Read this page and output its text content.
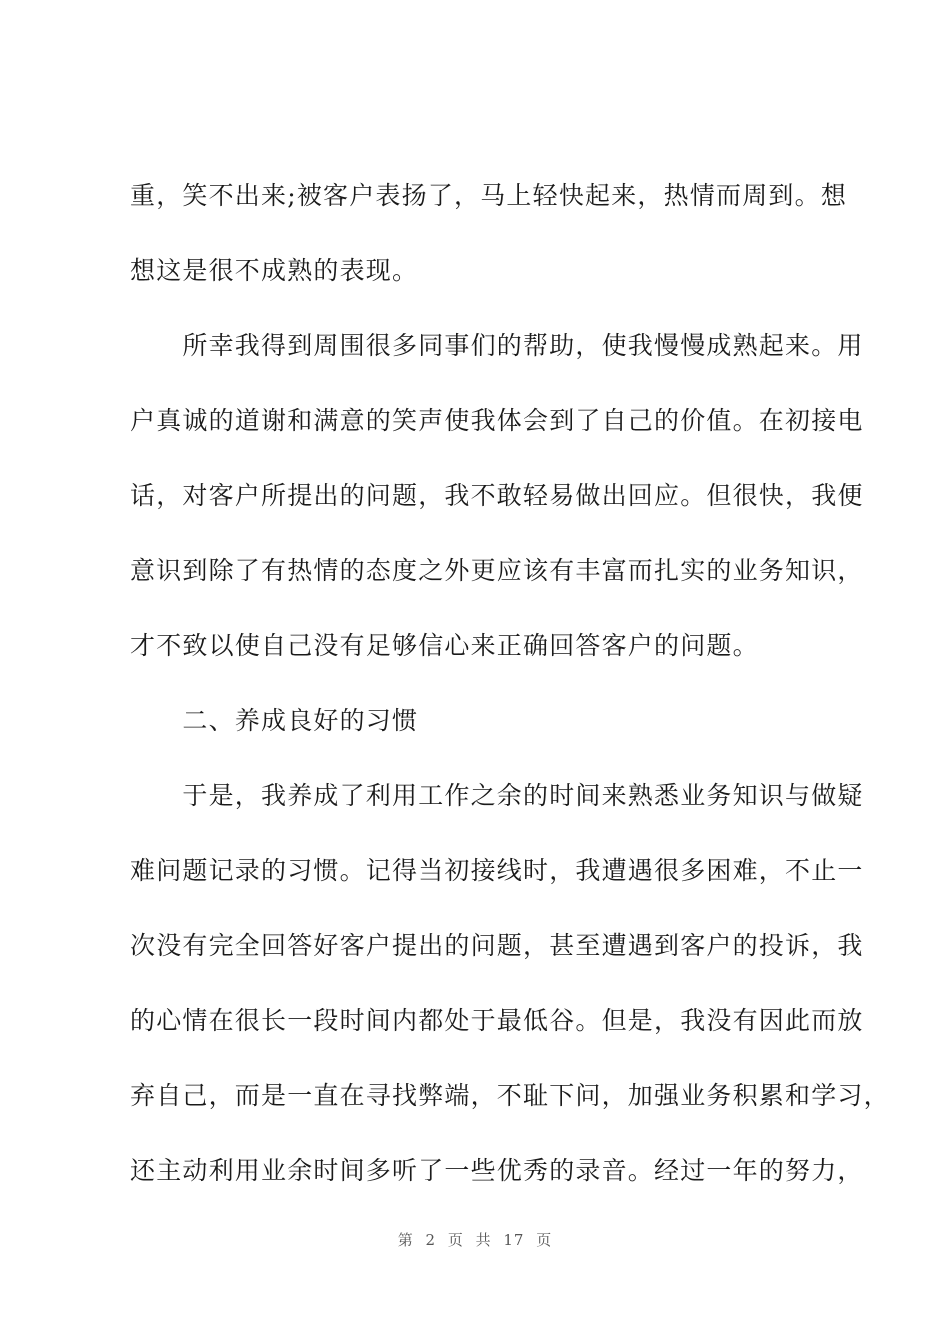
重，笑不出来;被客户表扬了，马上轻快起来，热情而周到。想
想这是很不成熟的表现。
　　所幸我得到周围很多同事们的帮助，使我慢慢成熟起来。用
户真诚的道谢和满意的笑声使我体会到了自己的价值。在初接电
话，对客户所提出的问题，我不敢轻易做出回应。但很快，我便
意识到除了有热情的态度之外更应该有丰富而扎实的业务知识，
才不致以使自己没有足够信心来正确回答客户的问题。
　　二、养成良好的习惯
　　于是，我养成了利用工作之余的时间来熟悉业务知识与做疑
难问题记录的习惯。记得当初接线时，我遭遇很多困难，不止一
次没有完全回答好客户提出的问题，甚至遭遇到客户的投诉，我
的心情在很长一段时间内都处于最低谷。但是，我没有因此而放
弃自己，而是一直在寻找弊端，不耻下问，加强业务积累和学习，
还主动利用业余时间多听了一些优秀的录音。经过一年的努力，
第 2 页 共 17 页
